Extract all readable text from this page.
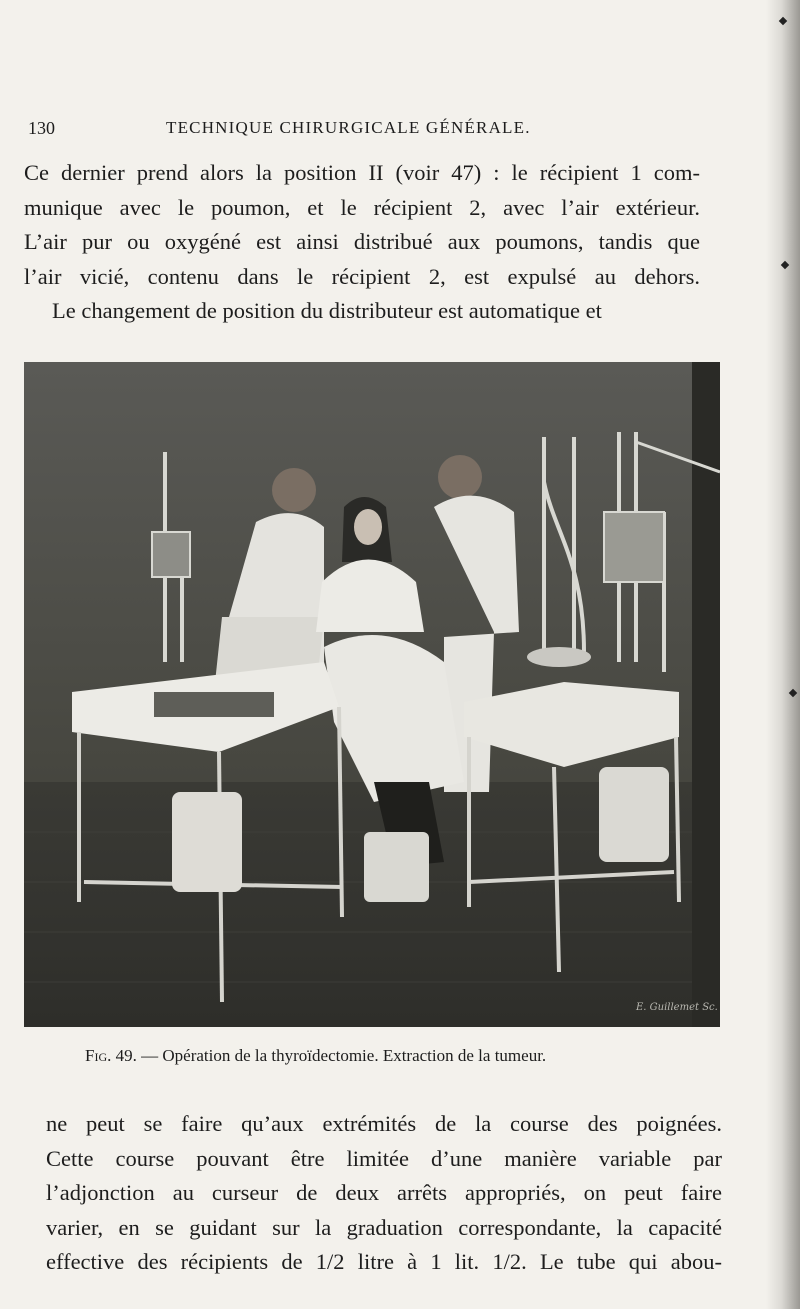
130	TECHNIQUE CHIRURGICALE GÉNÉRALE.
Ce dernier prend alors la position II (voir 47) : le récipient 1 com-
munique avec le poumon, et le récipient 2, avec l’air extérieur.
L’air pur ou oxygéné est ainsi distribué aux poumons, tandis que
l’air vicié, contenu dans le récipient 2, est expulsé au dehors.
Le changement de position du distributeur est automatique et
E. Guillemet Sc.
Fig. 49. — Opération de la thyroïdectomie. Extraction de la tumeur.
ne peut se faire qu’aux extrémités de la course des poignées.
Cette course pouvant être limitée d’une manière variable par
l’adjonction au curseur de deux arrêts appropriés, on peut faire
varier, en se guidant sur la graduation correspondante, la capacité
effective des récipients de 1/2 litre à 1 lit. 1/2. Le tube qui abou-
